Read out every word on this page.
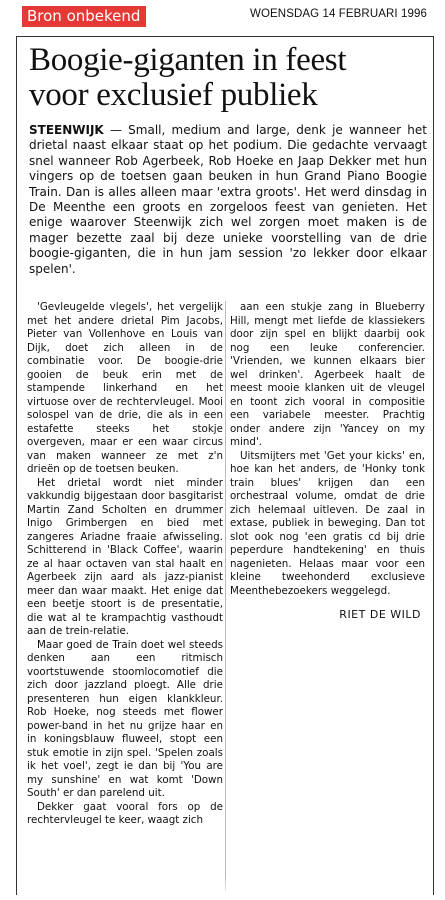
Bron onbekend	WOENSDAG 14 FEBRUARI 1996
Boogie-giganten in feest
voor exclusief publiek

STEENWIJK — Small, medium and large, denk je wanneer het drietal naast elkaar staat op het podium. Die gedachte vervaagt snel wanneer Rob Agerbeek, Rob Hoeke en Jaap Dekker met hun vingers op de toetsen gaan beuken in hun Grand Piano Boogie Train. Dan is alles alleen maar 'extra groots'. Het werd dinsdag in De Meenthe een groots en zorgeloos feest van genieten. Het enige waarover Steenwijk zich wel zorgen moet maken is de mager bezette zaal bij deze unieke voorstelling van de drie boogie-giganten, die in hun jam session 'zo lekker door elkaar spelen'.

'Gevleugelde vlegels', het vergelijk met het andere drietal Pim Jacobs, Pieter van Vollenhove en Louis van Dijk, doet zich alleen in de combinatie voor. De boogie-drie gooien de beuk erin met de stampende linkerhand en het virtuose over de rechtervleugel. Mooi solospel van de drie, die als in een estafette steeks het stokje overgeven, maar er een waar circus van maken wanneer ze met z'n drieën op de toetsen beuken.

Het drietal wordt niet minder vakkundig bijgestaan door basgitarist Martin Zand Scholten en drummer Inigo Grimbergen en bied met zangeres Ariadne fraaie afwisseling. Schitterend in 'Black Coffee', waarin ze al haar octaven van stal haalt en Agerbeek zijn aard als jazz-pianist meer dan waar maakt. Het enige dat een beetje stoort is de presentatie, die wat al te krampachtig vasthoudt aan de trein-relatie.

Maar goed de Train doet wel steeds denken aan een ritmisch voortstuwende stoomlocomotief die zich door jazzland ploegt. Alle drie presenteren hun eigen klankkleur. Rob Hoeke, nog steeds met flower power-band in het nu grijze haar en in koningsblauw fluweel, stopt een stuk emotie in zijn spel. 'Spelen zoals ik het voel', zegt ie dan bij 'You are my sunshine' en wat komt 'Down South' er dan parelend uit.

Dekker gaat vooral fors op de rechtervleugel te keer, waagt zich

aan een stukje zang in Blueberry Hill, mengt met liefde de klassiekers door zijn spel en blijkt daarbij ook nog een leuke conferencier. 'Vrienden, we kunnen elkaars bier wel drinken'. Agerbeek haalt de meest mooie klanken uit de vleugel en toont zich vooral in compositie een variabele meester. Prachtig onder andere zijn 'Yancey on my mind'.

Uitsmijters met 'Get your kicks' en, hoe kan het anders, de 'Honky tonk train blues' krijgen dan een orchestraal volume, omdat de drie zich helemaal uitleven. De zaal in extase, publiek in beweging. Dan tot slot ook nog 'een gratis cd bij drie peperdure handtekening' en thuis nagenieten. Helaas maar voor een kleine tweehonderd exclusieve Meenthebezoekers weggelegd.

RIET DE WILD
